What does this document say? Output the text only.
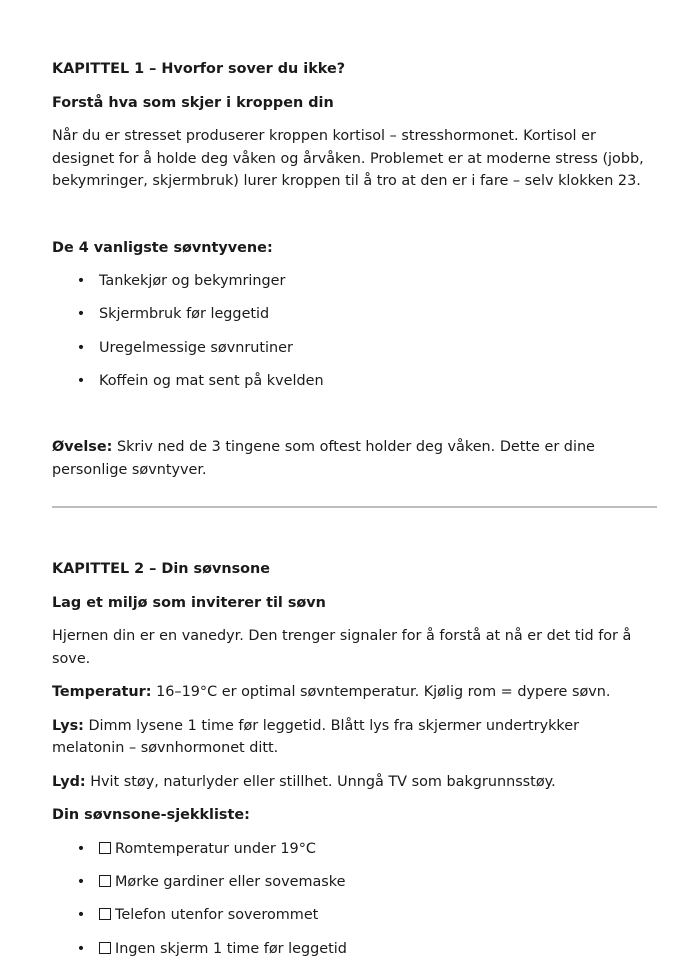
KAPITTEL 1 – Hvorfor sover du ikke?

Forstå hva som skjer i kroppen din

Når du er stresset produserer kroppen kortisol – stresshormonet. Kortisol er designet for å holde deg våken og årvåken. Problemet er at moderne stress (jobb, bekymringer, skjermbruk) lurer kroppen til å tro at den er i fare – selv klokken 23.

De 4 vanligste søvntyvene:

• Tankekjør og bekymringer
• Skjermbruk før leggetid
• Uregelmessige søvnrutiner
• Koffein og mat sent på kvelden

Øvelse: Skriv ned de 3 tingene som oftest holder deg våken. Dette er dine personlige søvntyver.

KAPITTEL 2 – Din søvnsone

Lag et miljø som inviterer til søvn

Hjernen din er en vanedyr. Den trenger signaler for å forstå at nå er det tid for å sove.

Temperatur: 16–19°C er optimal søvntemperatur. Kjølig rom = dypere søvn.

Lys: Dimm lysene 1 time før leggetid. Blått lys fra skjermer undertrykker melatonin – søvnhormonet ditt.

Lyd: Hvit støy, naturlyder eller stillhet. Unngå TV som bakgrunnsstøy.

Din søvnsone-sjekkliste:

• Romtemperatur under 19°C
• Mørke gardiner eller sovemaske
• Telefon utenfor soverommet
• Ingen skjerm 1 time før leggetid
